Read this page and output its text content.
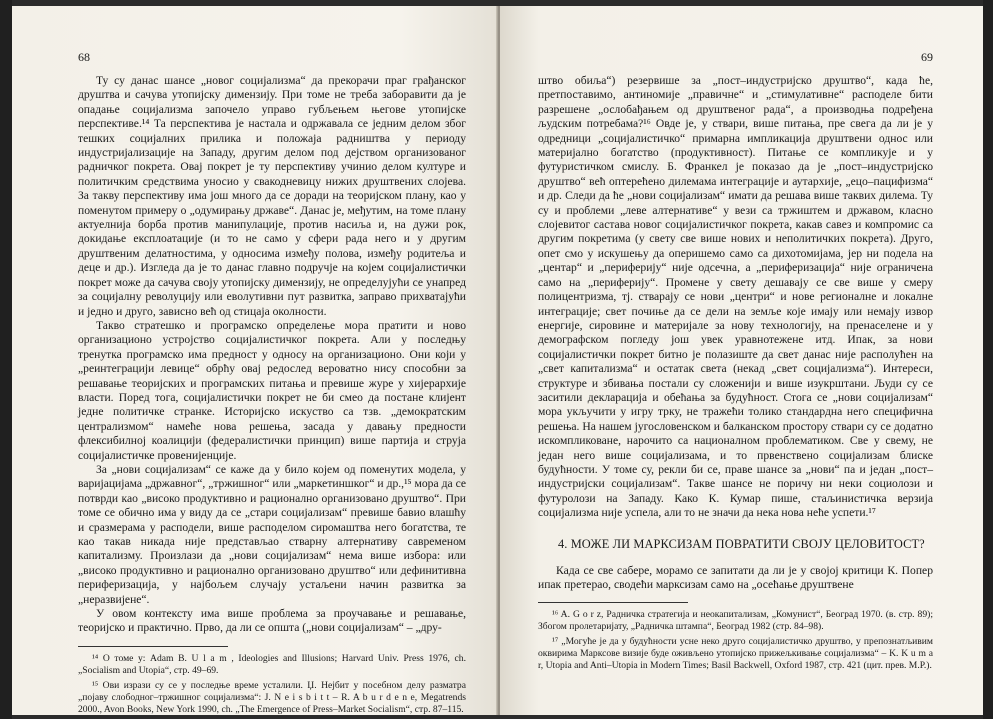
68

Ту су данас шансе „новог социјализма“ да прекорачи праг грађанског друштва и сачува утопијску димензију. При томе не треба заборавити да је опадање социјализма започело управо губљењем његове утопијске перспективе.¹⁴ Та перспектива је настала и одржавала се једним делом због тешких социјалних прилика и положаја радништва у периоду индустријализације на Западу, другим делом под дејством организованог радничког покрета. Овај покрет је ту перспективу учинио делом културе и политичким средствима уносио у свакодневицу нижих друштвених слојева. За такву перспективу има још много да се доради на теоријском плану, као у поменутом примеру о „одумирању државе“. Данас је, међутим, на томе плану актуелнија борба против манипулације, против насиља и, на дужи рок, докидање експлоатације (и то не само у сфери рада него и у другим друштвеним делатностима, у односима између полова, између родитеља и деце и др.). Изгледа да је то данас главно подручје на којем социјалистички покрет може да сачува своју утопијску димензију, не определујући се унапред за социјалну револуцију или еволутивни пут развитка, заправо прихватајући и једно и друго, зависно већ од стицаја околности.

Такво стратешко и програмско определење мора пратити и ново организационо устројство социјалистичког покрета. Али у последњу тренутка програмско има предност у односу на организационо. Они који у „реинтеграцији левице“ обрћу овај редослед вероватно нису способни за решавање теоријских и програмских питања и превише журе у хијерархије власти. Поред тога, социјалистички покрет не би смео да постане клијент једне политичке странке. Историјско искуство са тзв. „демократским централизмом“ намеће нова решења, засада у давању предности флексибилној коалицији (федералистички принцип) више партија и струја социјалистичке провенијенције.

За „нови социјализам“ се каже да у било којем од поменутих модела, у варијацијама „државног“, „тржишног“ или „маркетиншког“ и др.,¹⁵ мора да се потврди као „високо продуктивно и рационално организовано друштво“. При томе се обично има у виду да се „стари социјализам“ превише бавио влашћу и сразмерама у расподели, више расподелом сиромаштва него богатства, те као такав никада није представљао стварну алтернативу савременом капитализму. Произлази да „нови социјализам“ нема више избора: или „високо продуктивно и рационално организовано друштво“ или дефинитивна периферизација, у најбољем случају устаљени начин развитка за „неразвијене“.

У овом контексту има више проблема за проучавање и решавање, теоријско и практично. Прво, да ли се општа („нови социјализам“ – „дру-

¹⁴ О томе у: Adam B. U l a m , Ideologies and Illusions; Harvard Univ. Press 1976, ch. „Socialism and Utopia“, стр. 49–69.

¹⁵ Ови изрази су се у последње време усталили. Џ. Нејбит у посебном делу разматра „појаву слободног–тржишног социјализма“: J. N e i s b i t t – R. A b u r d e n e, Megatrends 2000., Avon Books, New York 1990, ch. „The Emergence of Press–Market Socialism“, стр. 87–115.

69

штво обиља“) резервише за „пост–индустријско друштво“, када ће, претпоставимо, антиномије „правичне“ и „стимулативне“ расподеле бити разрешене „ослобађањем од друштвеног рада“, а производња подређена људским потребама?¹⁶ Овде је, у ствари, више питања, пре свега да ли је у одредници „социјалистичко“ примарна импликација друштвени однос или материјално богатство (продуктивност). Питање се компликује и у футуристичком смислу. Б. Франкел је показао да је „пост–индустријско друштво“ већ оптерећено дилемама интеграције и аутархије, „ецо–пацифизма“ и др. Следи да ће „нови социјализам“ имати да решава више таквих дилема. Ту су и проблеми „леве алтернативе“ у вези са тржиштем и државом, класно слојевитог састава новог социјалистичког покрета, какав савез и компромис са другим покретима (у свету све више нових и неполитичких покрета). Друго, опет смо у искушењу да оперишемо само са дихотомијама, јер ни подела на „центар“ и „периферију“ није одсечна, а „периферизација“ није ограничена само на „периферију“. Промене у свету дешавају се све више у смеру полицентризма, тј. стварају се нови „центри“ и нове регионалне и локалне интеграције; свет почиње да се дели на земље које имају или немају извор енергије, сировине и материјале за нову технологију, на пренаселене и у демографском погледу још увек уравнотежене итд. Ипак, за нови социјалистички покрет битно је полазиште да свет данас није располућен на „свет капитализма“ и остатак света (некад „свет социјализма“). Интереси, структуре и збивања постали су сложенији и више изукрштани. Људи су се заситили декларација и обећања за будућност. Стога се „нови социјализам“ мора укључити у игру трку, не тражећи толико стандардна него специфична решења. На нашем југословенском и балканском простору ствари су се додатно искомпликоване, нарочито са националном проблематиком. Све у свему, не један него више социјализама, и то првенствено социјализам блиске будућности. У томе су, рекли би се, праве шансе за „нови“ па и један „пост–индустријски социјализам“. Такве шансе не поричу ни неки социолози и футуролози на Западу. Како К. Кумар пише, стаљинистичка верзија социјализма није успела, али то не значи да нека нова неће успети.¹⁷

4. МОЖЕ ЛИ МАРКСИЗАМ ПОВРАТИТИ СВОЈУ ЦЕЛОВИТОСТ?

Када се све сабере, морамо се запитати да ли је у својој критици К. Попер ипак претерао, сводећи марксизам само на „осећање друштвене

¹⁶ A. G o r z, Радничка стратегија и неокапитализам, „Комунист“, Београд 1970. (в. стр. 89); Збогом пролетаријату, „Радничка штампа“, Београд 1982 (стр. 84–98).

¹⁷ „Могуће је да у будућности усне неко друго социјалистичко друштво, у препознатљивим оквирима Марксове визије буде оживљено утопијско прижељкивање социјализма“ – K. K u m a r, Utopia and Anti–Utopia in Modern Times; Basil Backwell, Oxford 1987, стр. 421 (цит. прев. М.Р.).
